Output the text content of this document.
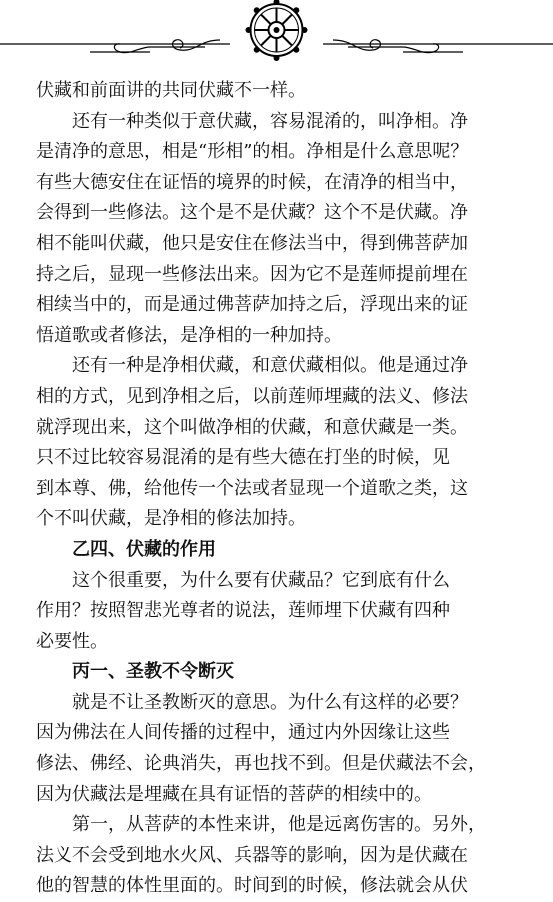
伏藏和前面讲的共同伏藏不一样。
还有一种类似于意伏藏，容易混淆的，叫净相。净
是清净的意思，相是“形相”的相。净相是什么意思呢？
有些大德安住在证悟的境界的时候，在清净的相当中，
会得到一些修法。这个是不是伏藏？这个不是伏藏。净
相不能叫伏藏，他只是安住在修法当中，得到佛菩萨加
持之后，显现一些修法出来。因为它不是莲师提前埋在
相续当中的，而是通过佛菩萨加持之后，浮现出来的证
悟道歌或者修法，是净相的一种加持。
还有一种是净相伏藏，和意伏藏相似。他是通过净
相的方式，见到净相之后，以前莲师埋藏的法义、修法
就浮现出来，这个叫做净相的伏藏，和意伏藏是一类。
只不过比较容易混淆的是有些大德在打坐的时候，见
到本尊、佛，给他传一个法或者显现一个道歌之类，这
个不叫伏藏，是净相的修法加持。
乙四、伏藏的作用
这个很重要，为什么要有伏藏品？它到底有什么
作用？按照智悲光尊者的说法，莲师埋下伏藏有四种
必要性。
丙一、圣教不令断灭
就是不让圣教断灭的意思。为什么有这样的必要？
因为佛法在人间传播的过程中，通过内外因缘让这些
修法、佛经、论典消失，再也找不到。但是伏藏法不会，
因为伏藏法是埋藏在具有证悟的菩萨的相续中的。
第一，从菩萨的本性来讲，他是远离伤害的。另外，
法义不会受到地水火风、兵器等的影响，因为是伏藏在
他的智慧的体性里面的。时间到的时候，修法就会从伏
